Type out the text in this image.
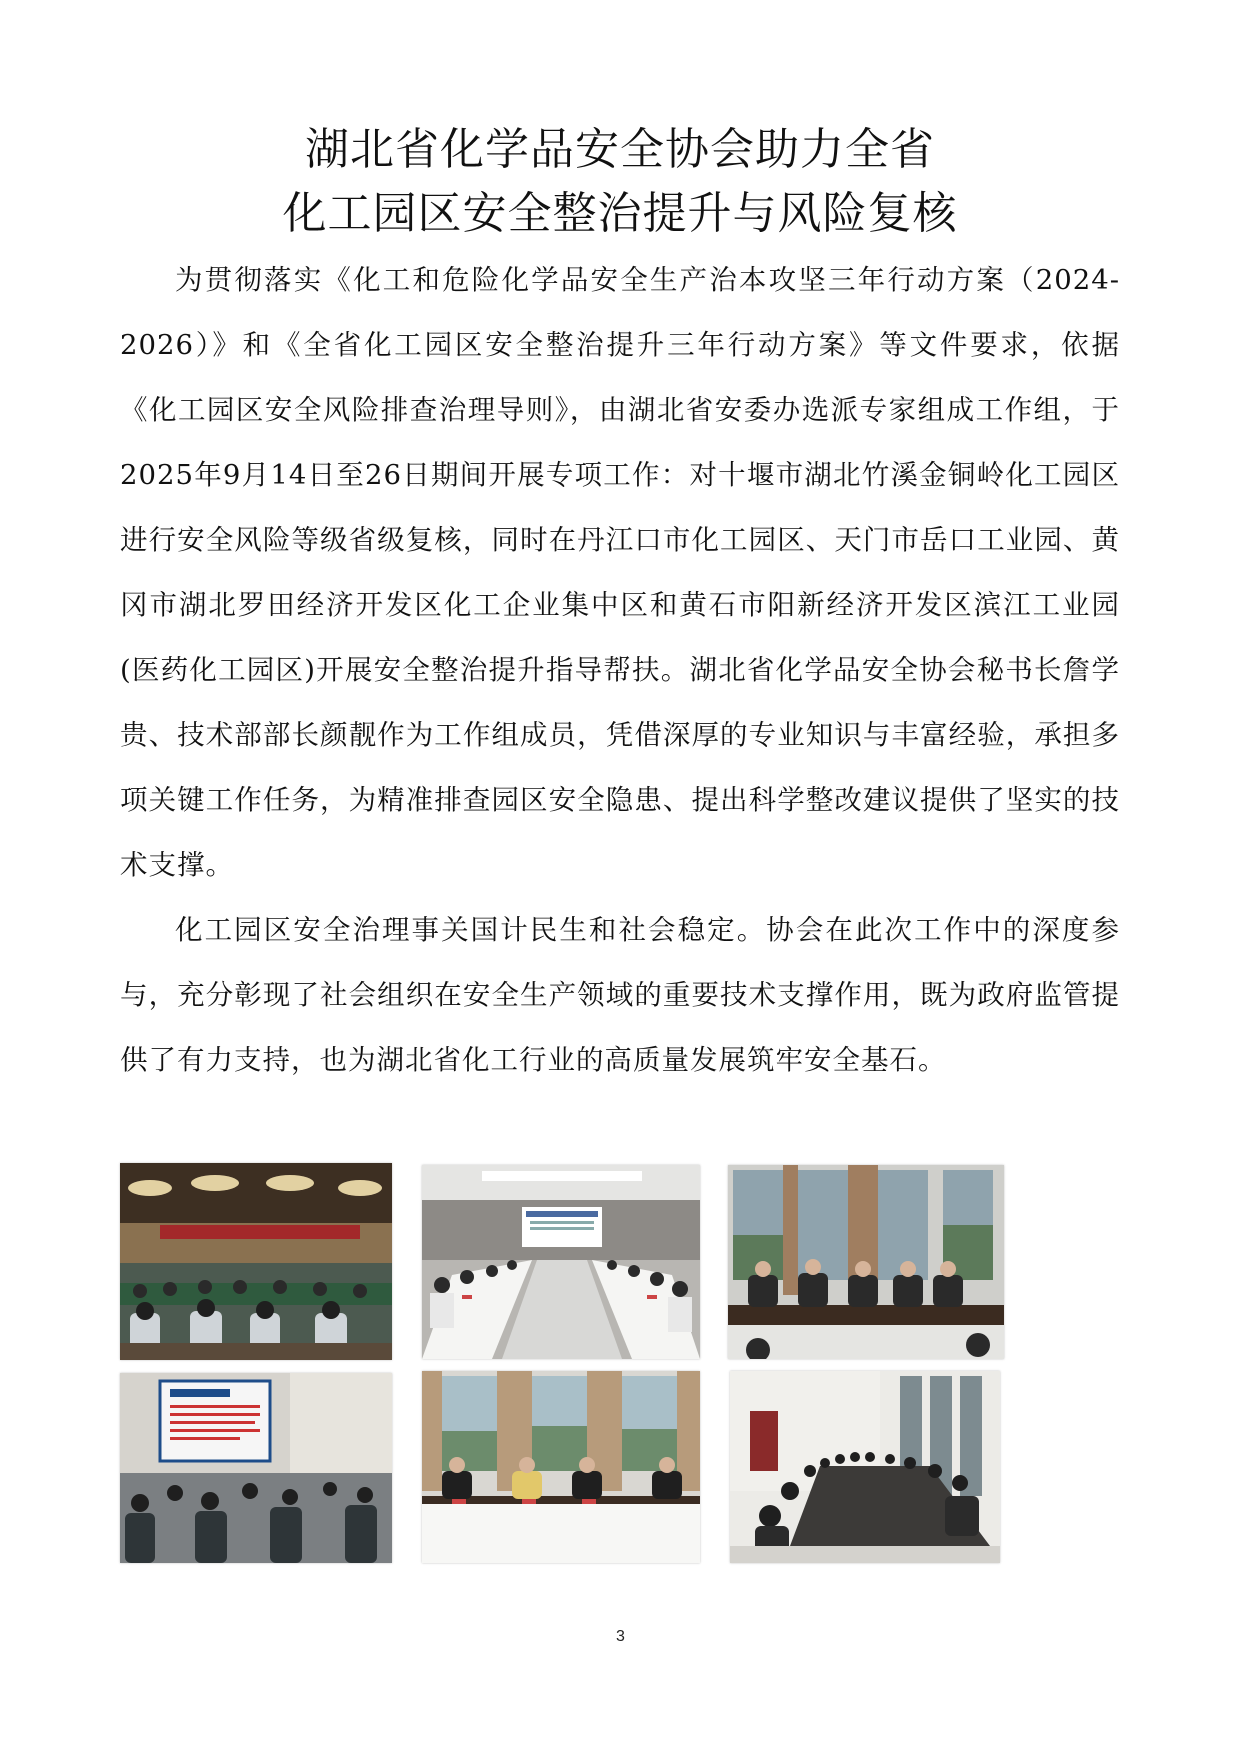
湖北省化学品安全协会助力全省
化工园区安全整治提升与风险复核

为贯彻落实《化工和危险化学品安全生产治本攻坚三年行动方案（2024-2026）》和《全省化工园区安全整治提升三年行动方案》等文件要求，依据《化工园区安全风险排查治理导则》，由湖北省安委办选派专家组成工作组，于2025年9月14日至26日期间开展专项工作：对十堰市湖北竹溪金铜岭化工园区进行安全风险等级省级复核，同时在丹江口市化工园区、天门市岳口工业园、黄冈市湖北罗田经济开发区化工企业集中区和黄石市阳新经济开发区滨江工业园(医药化工园区)开展安全整治提升指导帮扶。湖北省化学品安全协会秘书长詹学贵、技术部部长颜靓作为工作组成员，凭借深厚的专业知识与丰富经验，承担多项关键工作任务，为精准排查园区安全隐患、提出科学整改建议提供了坚实的技术支撑。

化工园区安全治理事关国计民生和社会稳定。协会在此次工作中的深度参与，充分彰现了社会组织在安全生产领域的重要技术支撑作用，既为政府监管提供了有力支持，也为湖北省化工行业的高质量发展筑牢安全基石。

3
